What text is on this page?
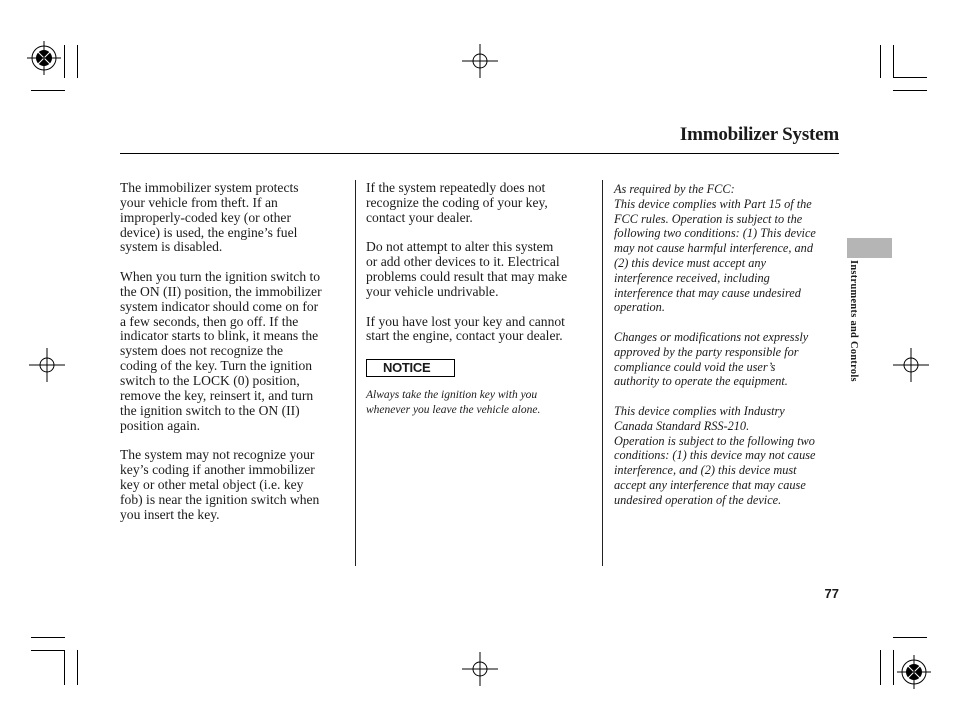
Immobilizer System

The immobilizer system protects
your vehicle from theft. If an
improperly-coded key (or other
device) is used, the engine’s fuel
system is disabled.

When you turn the ignition switch to
the ON (II) position, the immobilizer
system indicator should come on for
a few seconds, then go off. If the
indicator starts to blink, it means the
system does not recognize the
coding of the key. Turn the ignition
switch to the LOCK (0) position,
remove the key, reinsert it, and turn
the ignition switch to the ON (II)
position again.

The system may not recognize your
key’s coding if another immobilizer
key or other metal object (i.e. key
fob) is near the ignition switch when
you insert the key.

If the system repeatedly does not
recognize the coding of your key,
contact your dealer.

Do not attempt to alter this system
or add other devices to it. Electrical
problems could result that may make
your vehicle undrivable.

If you have lost your key and cannot
start the engine, contact your dealer.

NOTICE
Always take the ignition key with you
whenever you leave the vehicle alone.

As required by the FCC:
This device complies with Part 15 of the
FCC rules. Operation is subject to the
following two conditions: (1) This device
may not cause harmful interference, and
(2) this device must accept any
interference received, including
interference that may cause undesired
operation.

Changes or modifications not expressly
approved by the party responsible for
compliance could void the user’s
authority to operate the equipment.

This device complies with Industry
Canada Standard RSS-210.
Operation is subject to the following two
conditions: (1) this device may not cause
interference, and (2) this device must
accept any interference that may cause
undesired operation of the device.

Instruments and Controls
77
